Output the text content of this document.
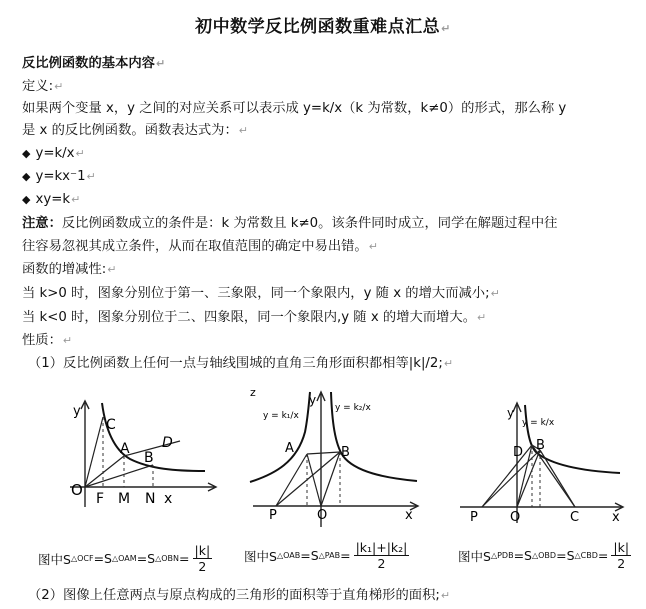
初中数学反比例函数重难点汇总↵
反比例函数的基本内容↵
定义:↵
如果两个变量 x，y 之间的对应关系可以表示成 y=k/x（k 为常数，k≠0）的形式，那么称 y
是 x 的反比例函数。函数表达式为：↵
◆ y=k/x↵
◆ y=kx⁻1↵
◆ xy=k↵
注意：反比例函数成立的条件是：k 为常数且 k≠0。该条件同时成立，同学在解题过程中往
往容易忽视其成立条件，从而在取值范围的确定中易出错。↵
函数的增减性:↵
当 k>0 时，图象分别位于第一、三象限，同一个象限内，y 随 x 的增大而减小;↵
当 k<0 时，图象分别位于二、四象限，同一个象限内,y 随 x 的增大而增大。↵
性质：↵
（1）反比例函数上任何一点与轴线围城的直角三角形面积都相等|k|/2;↵
y
C
A
B
D
O F M N x
图中S △OCF =S △OAM =S △OBN = $\frac{|k|}{2}$
z
y = k₁/x
y = k₂/x
y
A	B
P	O	x
图中S △OAB =S △PAB = $\frac{\text{|k₁|+|k₂|}}{2}$
y
y = k/x
B
D
P O	C	x
图中S △PDB =S △OBD =S △CBD = $\frac{|k|}{2}$
（2）图像上任意两点与原点构成的三角形的面积等于直角梯形的面积;↵
